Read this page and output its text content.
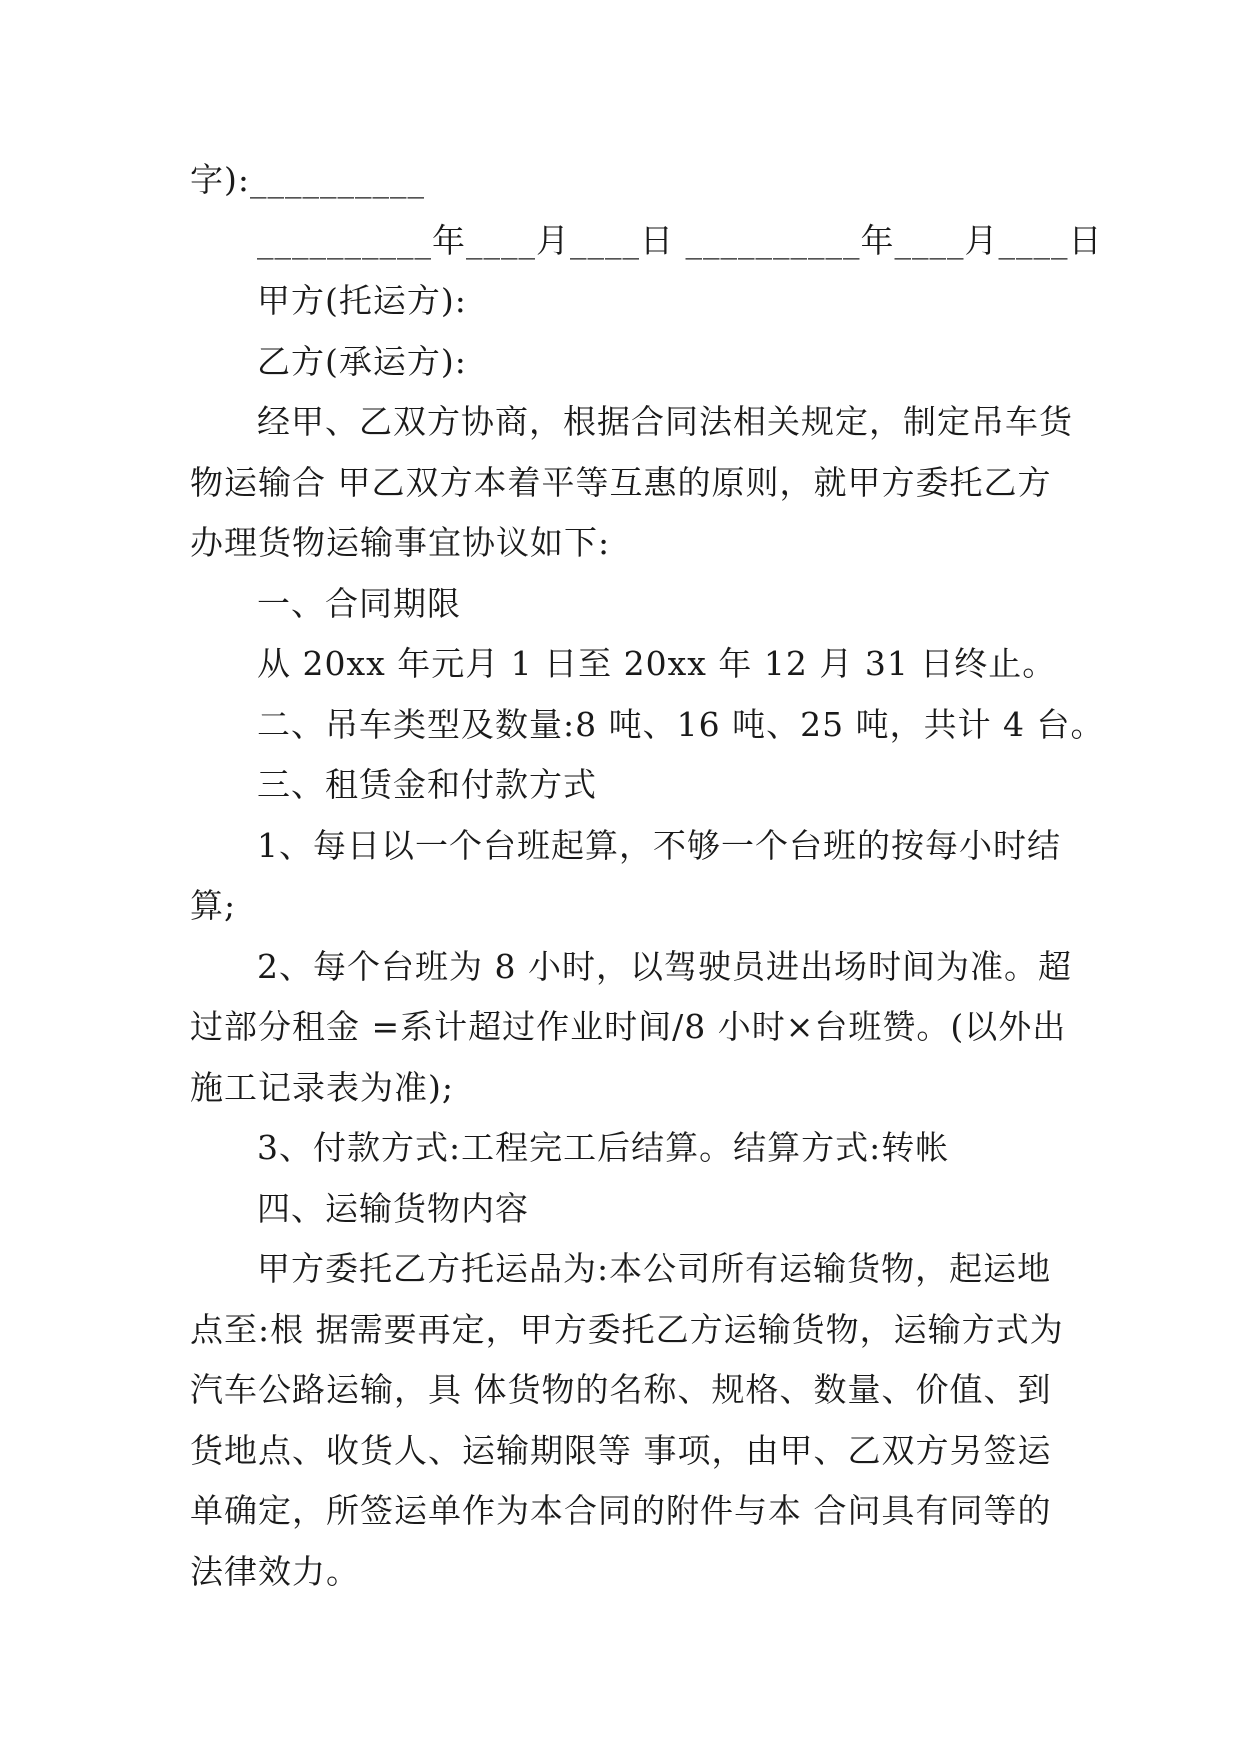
字):__________
__________年____月____日 __________年____月____日
甲方(托运方):
乙方(承运方):
经甲、乙双方协商，根据合同法相关规定，制定吊车货
物运输合 甲乙双方本着平等互惠的原则，就甲方委托乙方
办理货物运输事宜协议如下:
一、合同期限
从 20xx 年元月 1 日至 20xx 年 12 月 31 日终止。
二、吊车类型及数量:8 吨、16 吨、25 吨，共计 4 台。
三、租赁金和付款方式
1、每日以一个台班起算，不够一个台班的按每小时结
算;
2、每个台班为 8 小时，以驾驶员进出场时间为准。超
过部分租金 =系计超过作业时间/8 小时×台班赞。(以外出
施工记录表为准);
3、付款方式:工程完工后结算。结算方式:转帐
四、运输货物内容
甲方委托乙方托运品为:本公司所有运输货物，起运地
点至:根 据需要再定，甲方委托乙方运输货物，运输方式为
汽车公路运输，具 体货物的名称、规格、数量、价值、到
货地点、收货人、运输期限等 事项，由甲、乙双方另签运
单确定，所签运单作为本合同的附件与本 合问具有同等的
法律效力。
